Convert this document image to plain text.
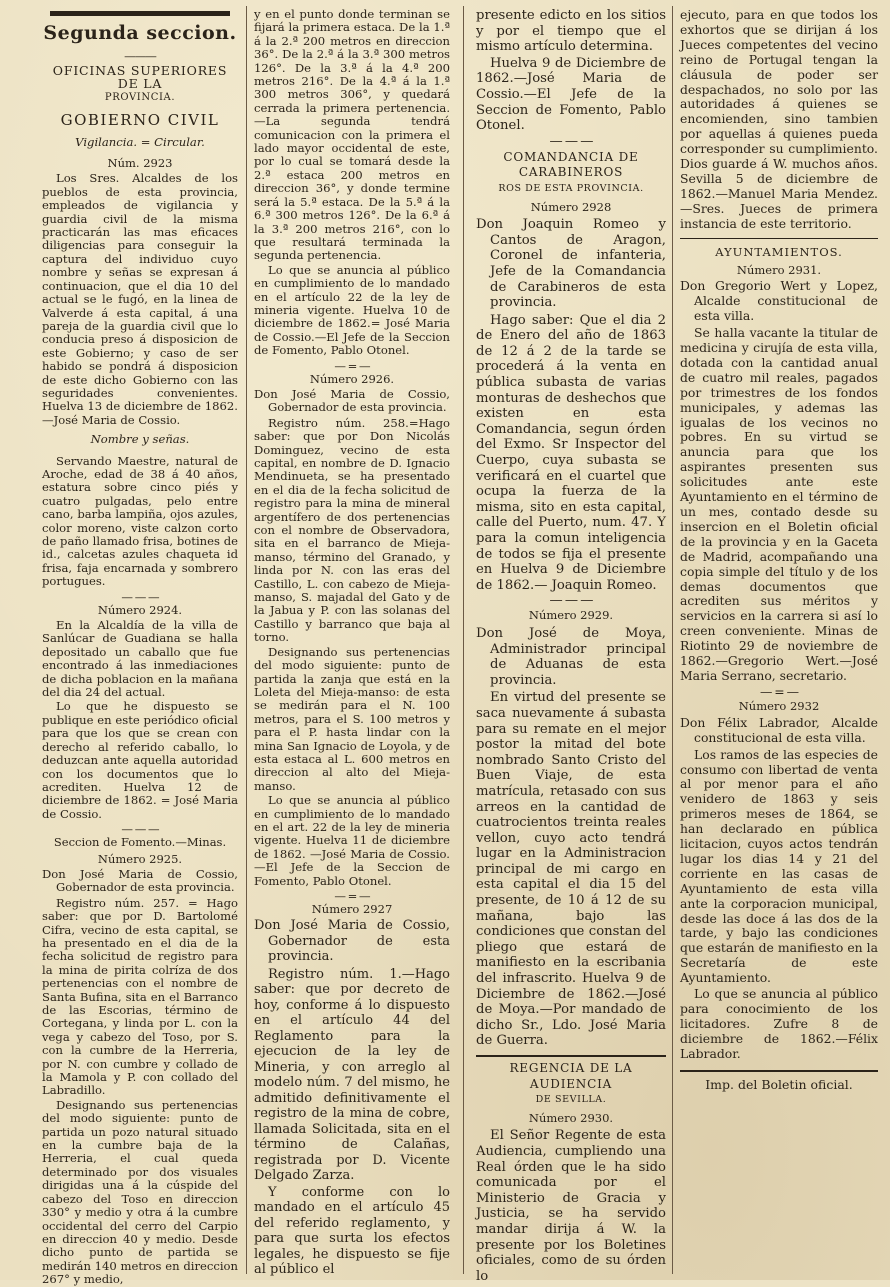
Segunda seccion.
———
OFICINAS SUPERIORES DE LA
PROVINCIA.
GOBIERNO CIVIL
Vigilancia. = Circular.
Núm. 2923

Los Sres. Alcaldes de los pueblos de esta provincia, empleados de vigilancia y guardia civil de la misma practicarán las mas eficaces diligencias para conseguir la captura del individuo cuyo nombre y señas se expresan á continuacion, que el dia 10 del actual se le fugó, en la linea de Valverde á esta capital, á una pareja de la guardia civil que lo conducia preso á disposicion de este Gobierno; y caso de ser habido se pondrá á disposicion de este dicho Gobierno con las seguridades convenientes. Huelva 13 de diciembre de 1862.—José Maria de Cossio.

Nombre y señas.

Servando Maestre, natural de Aroche, edad de 38 á 40 años, estatura sobre cinco piés y cuatro pulgadas, pelo entre cano, barba lampiña, ojos azules, color moreno, viste calzon corto de paño llamado frisa, botines de id., calcetas azules chaqueta id frisa, faja encarnada y sombrero portugues.

— — —
Número 2924.

En la Alcaldía de la villa de Sanlúcar de Guadiana se halla depositado un caballo que fue encontrado á las inmediaciones de dicha poblacion en la mañana del dia 24 del actual.

Lo que he dispuesto se publique en este periódico oficial para que los que se crean con derecho al referido caballo, lo deduzcan ante aquella autoridad con los documentos que lo acrediten. Huelva 12 de diciembre de 1862. = José Maria de Cossio.

— — —
Seccion de Fomento.—Minas.
Número 2925.

Don José Maria de Cossio, Gobernador de esta provincia.

Registro núm. 257. = Hago saber: que por D. Bartolomé Cifra, vecino de esta capital, se ha presentado en el dia de la fecha solicitud de registro para la mina de pirita colríza de dos pertenencias con el nombre de Santa Bufina, sita en el Barranco de las Escorias, término de Cortegana, y linda por L. con la vega y cabezo del Toso, por S. con la cumbre de la Herreria, por N. con cumbre y collado de la Mamola y P. con collado del Labradillo.

Designando sus pertenencias del modo siguiente: punto de partida un pozo natural situado en la cumbre baja de la Herreria, el cual queda determinado por dos visuales dirigidas una á la cúspide del cabezo del Toso en direccion 330° y medio y otra á la cumbre occidental del cerro del Carpio en direccion 40 y medio. Desde dicho punto de partida se medirán 140 metros en direccion 267° y medio,

y en el punto donde terminan se fijará la primera estaca. De la 1.ª á la 2.ª 200 metros en direccion 36°. De la 2.ª á la 3.ª 300 metros 126°. De la 3.ª á la 4.ª 200 metros 216°. De la 4.ª á la 1.ª 300 metros 306°, y quedará cerrada la primera pertenencia.—La segunda tendrá comunicacion con la primera el lado mayor occidental de este, por lo cual se tomará desde la 2.ª estaca 200 metros en direccion 36°, y donde termine será la 5.ª estaca. De la 5.ª á la 6.ª 300 metros 126°. De la 6.ª á la 3.ª 200 metros 216°, con lo que resultará terminada la segunda pertenencia.

Lo que se anuncia al público en cumplimiento de lo mandado en el artículo 22 de la ley de mineria vigente. Huelva 10 de diciembre de 1862.= José Maria de Cossio.—El Jefe de la Seccion de Fomento, Pablo Otonel.

— = —
Número 2926.

Don José Maria de Cossio, Gobernador de esta provincia.

Registro núm. 258.=Hago saber: que por Don Nicolás Dominguez, vecino de esta capital, en nombre de D. Ignacio Mendinueta, se ha presentado en el dia de la fecha solicitud de registro para la mina de mineral argentífero de dos pertenencias con el nombre de Observadora, sita en el barranco de Mieja-manso, término del Granado, y linda por N. con las eras del Castillo, L. con cabezo de Mieja-manso, S. majadal del Gato y de la Jabua y P. con las solanas del Castillo y barranco que baja al torno.

Designando sus pertenencias del modo siguiente: punto de partida la zanja que está en la Loleta del Mieja-manso: de esta se medirán para el N. 100 metros, para el S. 100 metros y para el P. hasta lindar con la mina San Ignacio de Loyola, y de esta estaca al L. 600 metros en direccion al alto del Mieja-manso.

Lo que se anuncia al público en cumplimiento de lo mandado en el art. 22 de la ley de mineria vigente. Huelva 11 de diciembre de 1862. —José Maria de Cossio.—El Jefe de la Seccion de Fomento, Pablo Otonel.

— = —
Número 2927

Don José Maria de Cossio, Gobernador de esta provincia.

Registro núm. 1.—Hago saber: que por decreto de hoy, conforme á lo dispuesto en el artículo 44 del Reglamento para la ejecucion de la ley de Mineria, y con arreglo al modelo núm. 7 del mismo, he admitido definitivamente el registro de la mina de cobre, llamada Solicitada, sita en el término de Calañas, registrada por D. Vicente Delgado Zarza.

Y conforme con lo mandado en el artículo 45 del referido reglamento, y para que surta los efectos legales, he dispuesto se fije al público el

presente edicto en los sitios y por el tiempo que el mismo artículo determina.

Huelva 9 de Diciembre de 1862.—José Maria de Cossio.—El Jefe de la Seccion de Fomento, Pablo Otonel.

— — —
COMANDANCIA DE CARABINEROS
ROS DE ESTA PROVINCIA.
Número 2928

Don Joaquin Romeo y Cantos de Aragon, Coronel de infanteria, Jefe de la Comandancia de Carabineros de esta provincia.

Hago saber: Que el dia 2 de Enero del año de 1863 de 12 á 2 de la tarde se procederá á la venta en pública subasta de varias monturas de deshechos que existen en esta Comandancia, segun órden del Exmo. Sr Inspector del Cuerpo, cuya subasta se verificará en el cuartel que ocupa la fuerza de la misma, sito en esta capital, calle del Puerto, num. 47. Y para la comun inteligencia de todos se fija el presente en Huelva 9 de Diciembre de 1862.— Joaquin Romeo.

— — —
Número 2929.

Don José de Moya, Administrador principal de Aduanas de esta provincia.

En virtud del presente se saca nuevamente á subasta para su remate en el mejor postor la mitad del bote nombrado Santo Cristo del Buen Viaje, de esta matrícula, retasado con sus arreos en la cantidad de cuatrocientos treinta reales vellon, cuyo acto tendrá lugar en la Administracion principal de mi cargo en esta capital el dia 15 del presente, de 10 á 12 de su mañana, bajo las condiciones que constan del pliego que estará de manifiesto en la escribania del infrascrito. Huelva 9 de Diciembre de 1862.—José de Moya.—Por mandado de dicho Sr., Ldo. José Maria de Guerra.

REGENCIA DE LA AUDIENCIA
DE SEVILLA.
Número 2930.

El Señor Regente de esta Audiencia, cumpliendo una Real órden que le ha sido comunicada por el Ministerio de Gracia y Justicia, se ha servido mandar dirija á W. la presente por los Boletines oficiales, como de su órden lo

ejecuto, para en que todos los exhortos que se dirijan á los Jueces competentes del vecino reino de Portugal tengan la cláusula de poder ser despachados, no solo por las autoridades á quienes se encomienden, sino tambien por aquellas á quienes pueda corresponder su cumplimiento. Dios guarde á W. muchos años. Sevilla 5 de diciembre de 1862.—Manuel Maria Mendez.—Sres. Jueces de primera instancia de este territorio.

AYUNTAMIENTOS.
Número 2931.

Don Gregorio Wert y Lopez, Alcalde constitucional de esta villa.

Se halla vacante la titular de medicina y cirujía de esta villa, dotada con la cantidad anual de cuatro mil reales, pagados por trimestres de los fondos municipales, y ademas las igualas de los vecinos no pobres. En su virtud se anuncia para que los aspirantes presenten sus solicitudes ante este Ayuntamiento en el término de un mes, contado desde su insercion en el Boletin oficial de la provincia y en la Gaceta de Madrid, acompañando una copia simple del título y de los demas documentos que acrediten sus méritos y servicios en la carrera si así lo creen conveniente. Minas de Riotinto 29 de noviembre de 1862.—Gregorio Wert.—José Maria Serrano, secretario.

— = —
Número 2932

Don Félix Labrador, Alcalde constitucional de esta villa.

Los ramos de las especies de consumo con libertad de venta al por menor para el año venidero de 1863 y seis primeros meses de 1864, se han declarado en pública licitacion, cuyos actos tendrán lugar los dias 14 y 21 del corriente en las casas de Ayuntamiento de esta villa ante la corporacion municipal, desde las doce á las dos de la tarde, y bajo las condiciones que estarán de manifiesto en la Secretaría de este Ayuntamiento.

Lo que se anuncia al público para conocimiento de los licitadores. Zufre 8 de diciembre de 1862.—Félix Labrador.

Imp. del Boletin oficial.
